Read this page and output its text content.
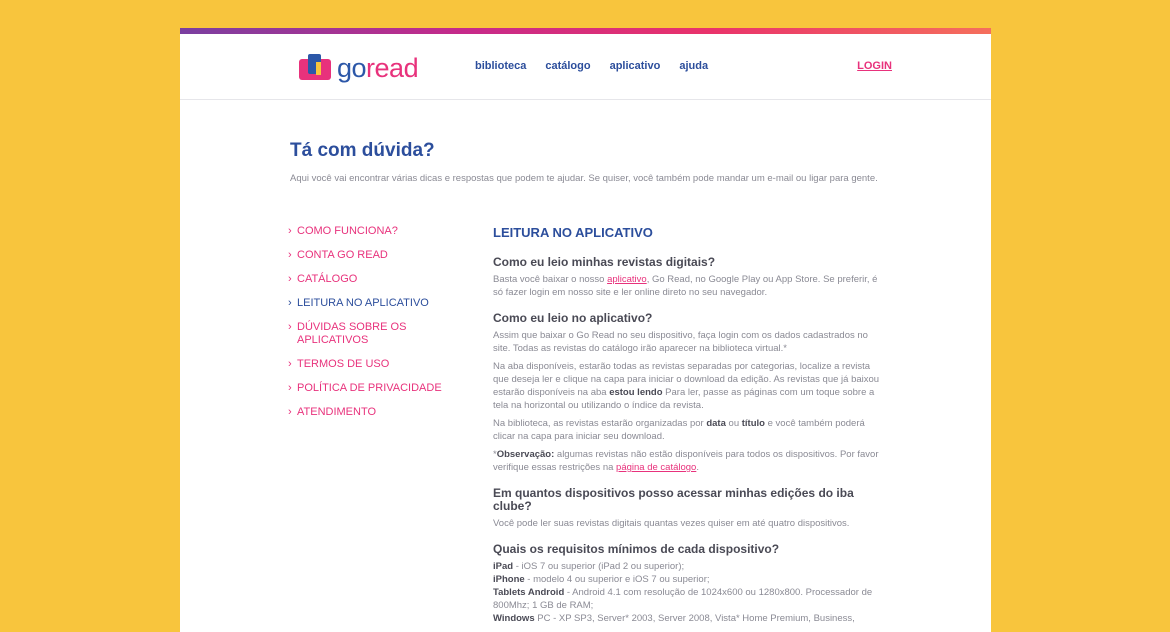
goread	biblioteca catálogo aplicativo ajuda	LOGIN
Tá com dúvida?
Aqui você vai encontrar várias dicas e respostas que podem te ajudar. Se quiser, você também pode mandar um e-mail ou ligar para gente.
› COMO FUNCIONA?
› CONTA GO READ
› CATÁLOGO
› LEITURA NO APLICATIVO
› DÚVIDAS SOBRE OS APLICATIVOS
› TERMOS DE USO
› POLÍTICA DE PRIVACIDADE
› ATENDIMENTO
LEITURA NO APLICATIVO
Como eu leio minhas revistas digitais?

Basta você baixar o nosso aplicativo, Go Read, no Google Play ou App Store. Se preferir, é só fazer login em nosso site e ler online direto no seu navegador.

Como eu leio no aplicativo?

Assim que baixar o Go Read no seu dispositivo, faça login com os dados cadastrados no site. Todas as revistas do catálogo irão aparecer na biblioteca virtual.*

Na aba disponíveis, estarão todas as revistas separadas por categorias, localize a revista que deseja ler e clique na capa para iniciar o download da edição. As revistas que já baixou estarão disponíveis na aba estou lendo Para ler, passe as páginas com um toque sobre a tela na horizontal ou utilizando o índice da revista.

Na biblioteca, as revistas estarão organizadas por data ou título e você também poderá clicar na capa para iniciar seu download.

*Observação: algumas revistas não estão disponíveis para todos os dispositivos. Por favor verifique essas restrições na página de catálogo.

Em quantos dispositivos posso acessar minhas edições do iba clube?

Você pode ler suas revistas digitais quantas vezes quiser em até quatro dispositivos.

Quais os requisitos mínimos de cada dispositivo?

iPad - iOS 7 ou superior (iPad 2 ou superior);

iPhone - modelo 4 ou superior e iOS 7 ou superior;

Tablets Android - Android 4.1 com resolução de 1024x600 ou 1280x800. Processador de 800Mhz; 1 GB de RAM;

Windows PC - XP SP3, Server* 2003, Server 2008, Vista* Home Premium, Business,
